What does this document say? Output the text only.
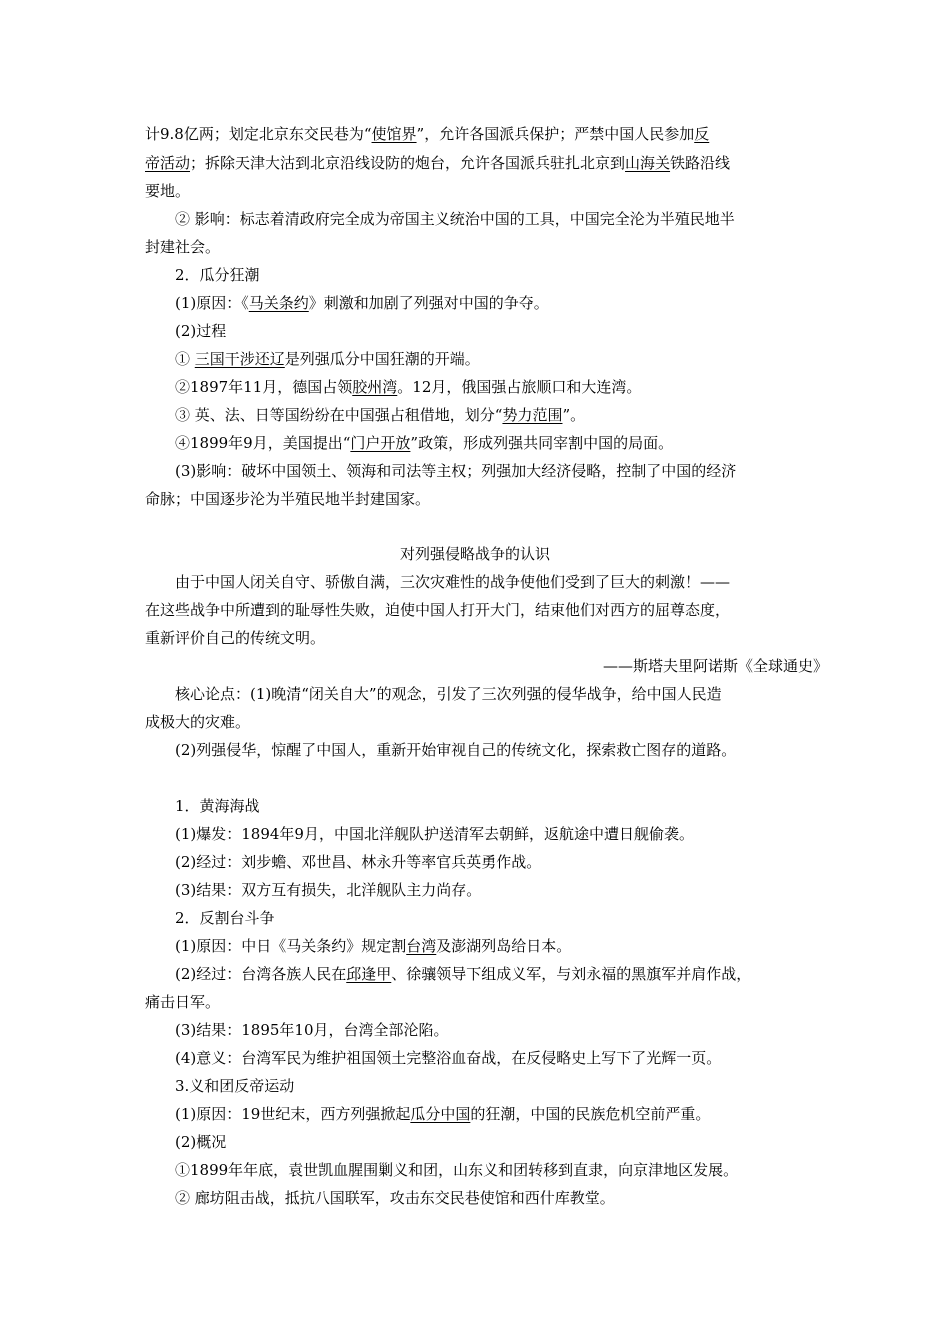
计9.8亿两；划定北京东交民巷为“使馆界”，允许各国派兵保护；严禁中国人民参加反
帝活动；拆除天津大沽到北京沿线设防的炮台，允许各国派兵驻扎北京到山海关铁路沿线
要地。
② 影响：标志着清政府完全成为帝国主义统治中国的工具，中国完全沦为半殖民地半
封建社会。
2．瓜分狂潮
(1)原因：《马关条约》刺激和加剧了列强对中国的争夺。
(2)过程
① 三国干涉还辽是列强瓜分中国狂潮的开端。
②1897年11月，德国占领胶州湾。12月，俄国强占旅顺口和大连湾。
③ 英、法、日等国纷纷在中国强占租借地，划分“势力范围”。
④1899年9月，美国提出“门户开放”政策，形成列强共同宰割中国的局面。
(3)影响：破坏中国领土、领海和司法等主权；列强加大经济侵略，控制了中国的经济
命脉；中国逐步沦为半殖民地半封建国家。
对列强侵略战争的认识
由于中国人闭关自守、骄傲自满，三次灾难性的战争使他们受到了巨大的刺激！——
在这些战争中所遭到的耻辱性失败，迫使中国人打开大门，结束他们对西方的屈尊态度，
重新评价自己的传统文明。
——斯塔夫里阿诺斯《全球通史》
核心论点：(1)晚清“闭关自大”的观念，引发了三次列强的侵华战争，给中国人民造
成极大的灾难。
(2)列强侵华，惊醒了中国人，重新开始审视自己的传统文化，探索救亡图存的道路。
1．黄海海战
(1)爆发：1894年9月，中国北洋舰队护送清军去朝鲜，返航途中遭日舰偷袭。
(2)经过：刘步蟾、邓世昌、林永升等率官兵英勇作战。
(3)结果：双方互有损失，北洋舰队主力尚存。
2．反割台斗争
(1)原因：中日《马关条约》规定割台湾及澎湖列岛给日本。
(2)经过：台湾各族人民在邱逢甲、徐骧领导下组成义军，与刘永福的黑旗军并肩作战，
痛击日军。
(3)结果：1895年10月，台湾全部沦陷。
(4)意义：台湾军民为维护祖国领土完整浴血奋战，在反侵略史上写下了光辉一页。
3.义和团反帝运动
(1)原因：19世纪末，西方列强掀起瓜分中国的狂潮，中国的民族危机空前严重。
(2)概况
①1899年年底，袁世凯血腥围剿义和团，山东义和团转移到直隶，向京津地区发展。
② 廊坊阻击战，抵抗八国联军，攻击东交民巷使馆和西什库教堂。
